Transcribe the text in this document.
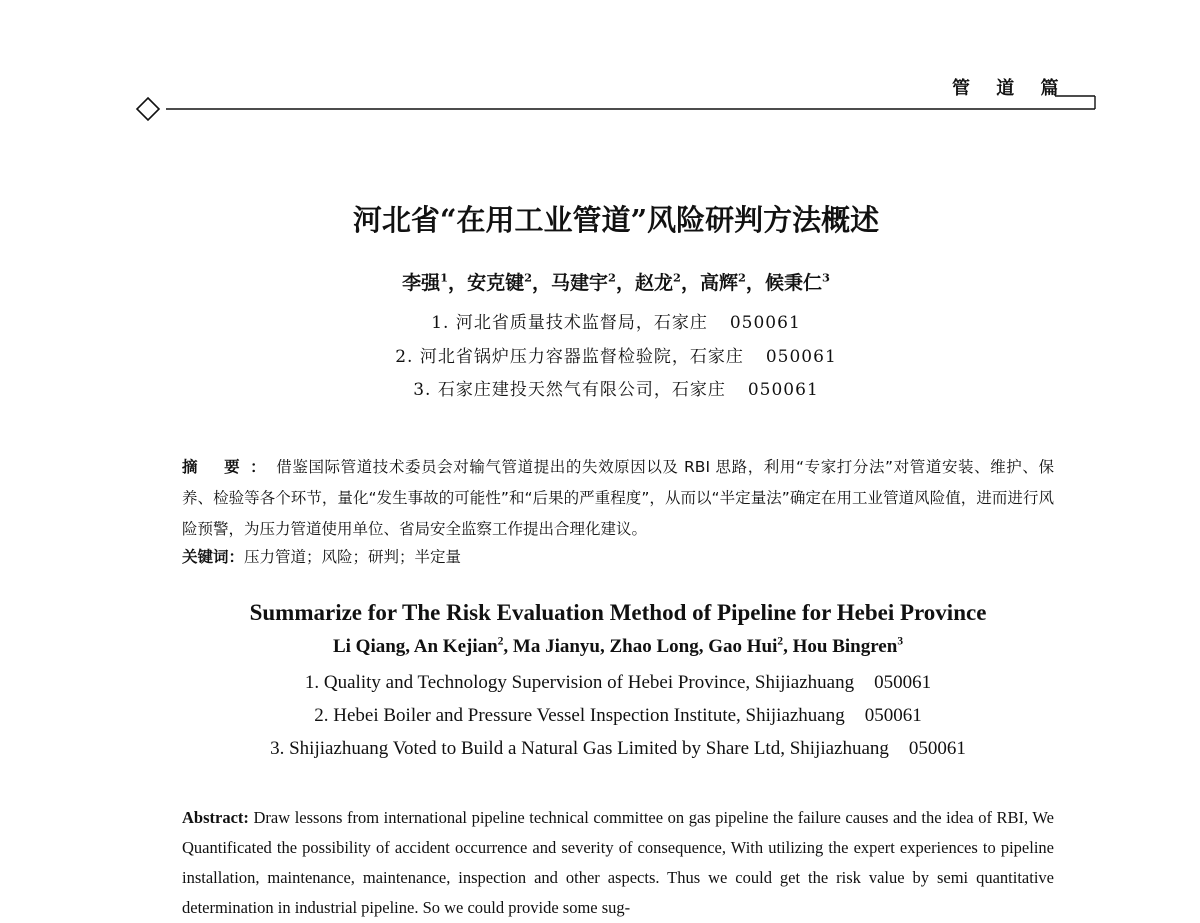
管 道 篇
河北省“在用工业管道”风险研判方法概述
李强$^1$，安克键$^2$，马建宇$^2$，赵龙$^2$，高辉$^2$，候秉仁$^3$
1. 河北省质量技术监督局，石家庄 050061
2. 河北省锅炉压力容器监督检验院，石家庄 050061
3. 石家庄建投天然气有限公司，石家庄 050061
摘 要：借鉴国际管道技术委员会对输气管道提出的失效原因以及 RBI 思路，利用“专家打分法”对管道安装、维护、保养、检验等各个环节，量化“发生事故的可能性”和“后果的严重程度”，从而以“半定量法”确定在用工业管道风险值，进而进行风险预警，为压力管道使用单位、省局安全监察工作提出合理化建议。
关键词：压力管道；风险；研判；半定量
Summarize for The Risk Evaluation Method of Pipeline for Hebei Province
Li Qiang, An Kejian$^2$, Ma Jianyu, Zhao Long, Gao Hui$^2$, Hou Bingren$^3$
1. Quality and Technology Supervision of Hebei Province, Shijiazhuang 050061
2. Hebei Boiler and Pressure Vessel Inspection Institute, Shijiazhuang 050061
3. Shijiazhuang Voted to Build a Natural Gas Limited by Share Ltd, Shijiazhuang 050061
Abstract: Draw lessons from international pipeline technical committee on gas pipeline the failure causes and the idea of RBI, We Quantificated the possibility of accident occurrence and severity of consequence, With utilizing the expert experiences to pipeline installation, maintenance, maintenance, inspection and other aspects. Thus we could get the risk value by semi quantitative determination in industrial pipeline. So we could provide some sug-
